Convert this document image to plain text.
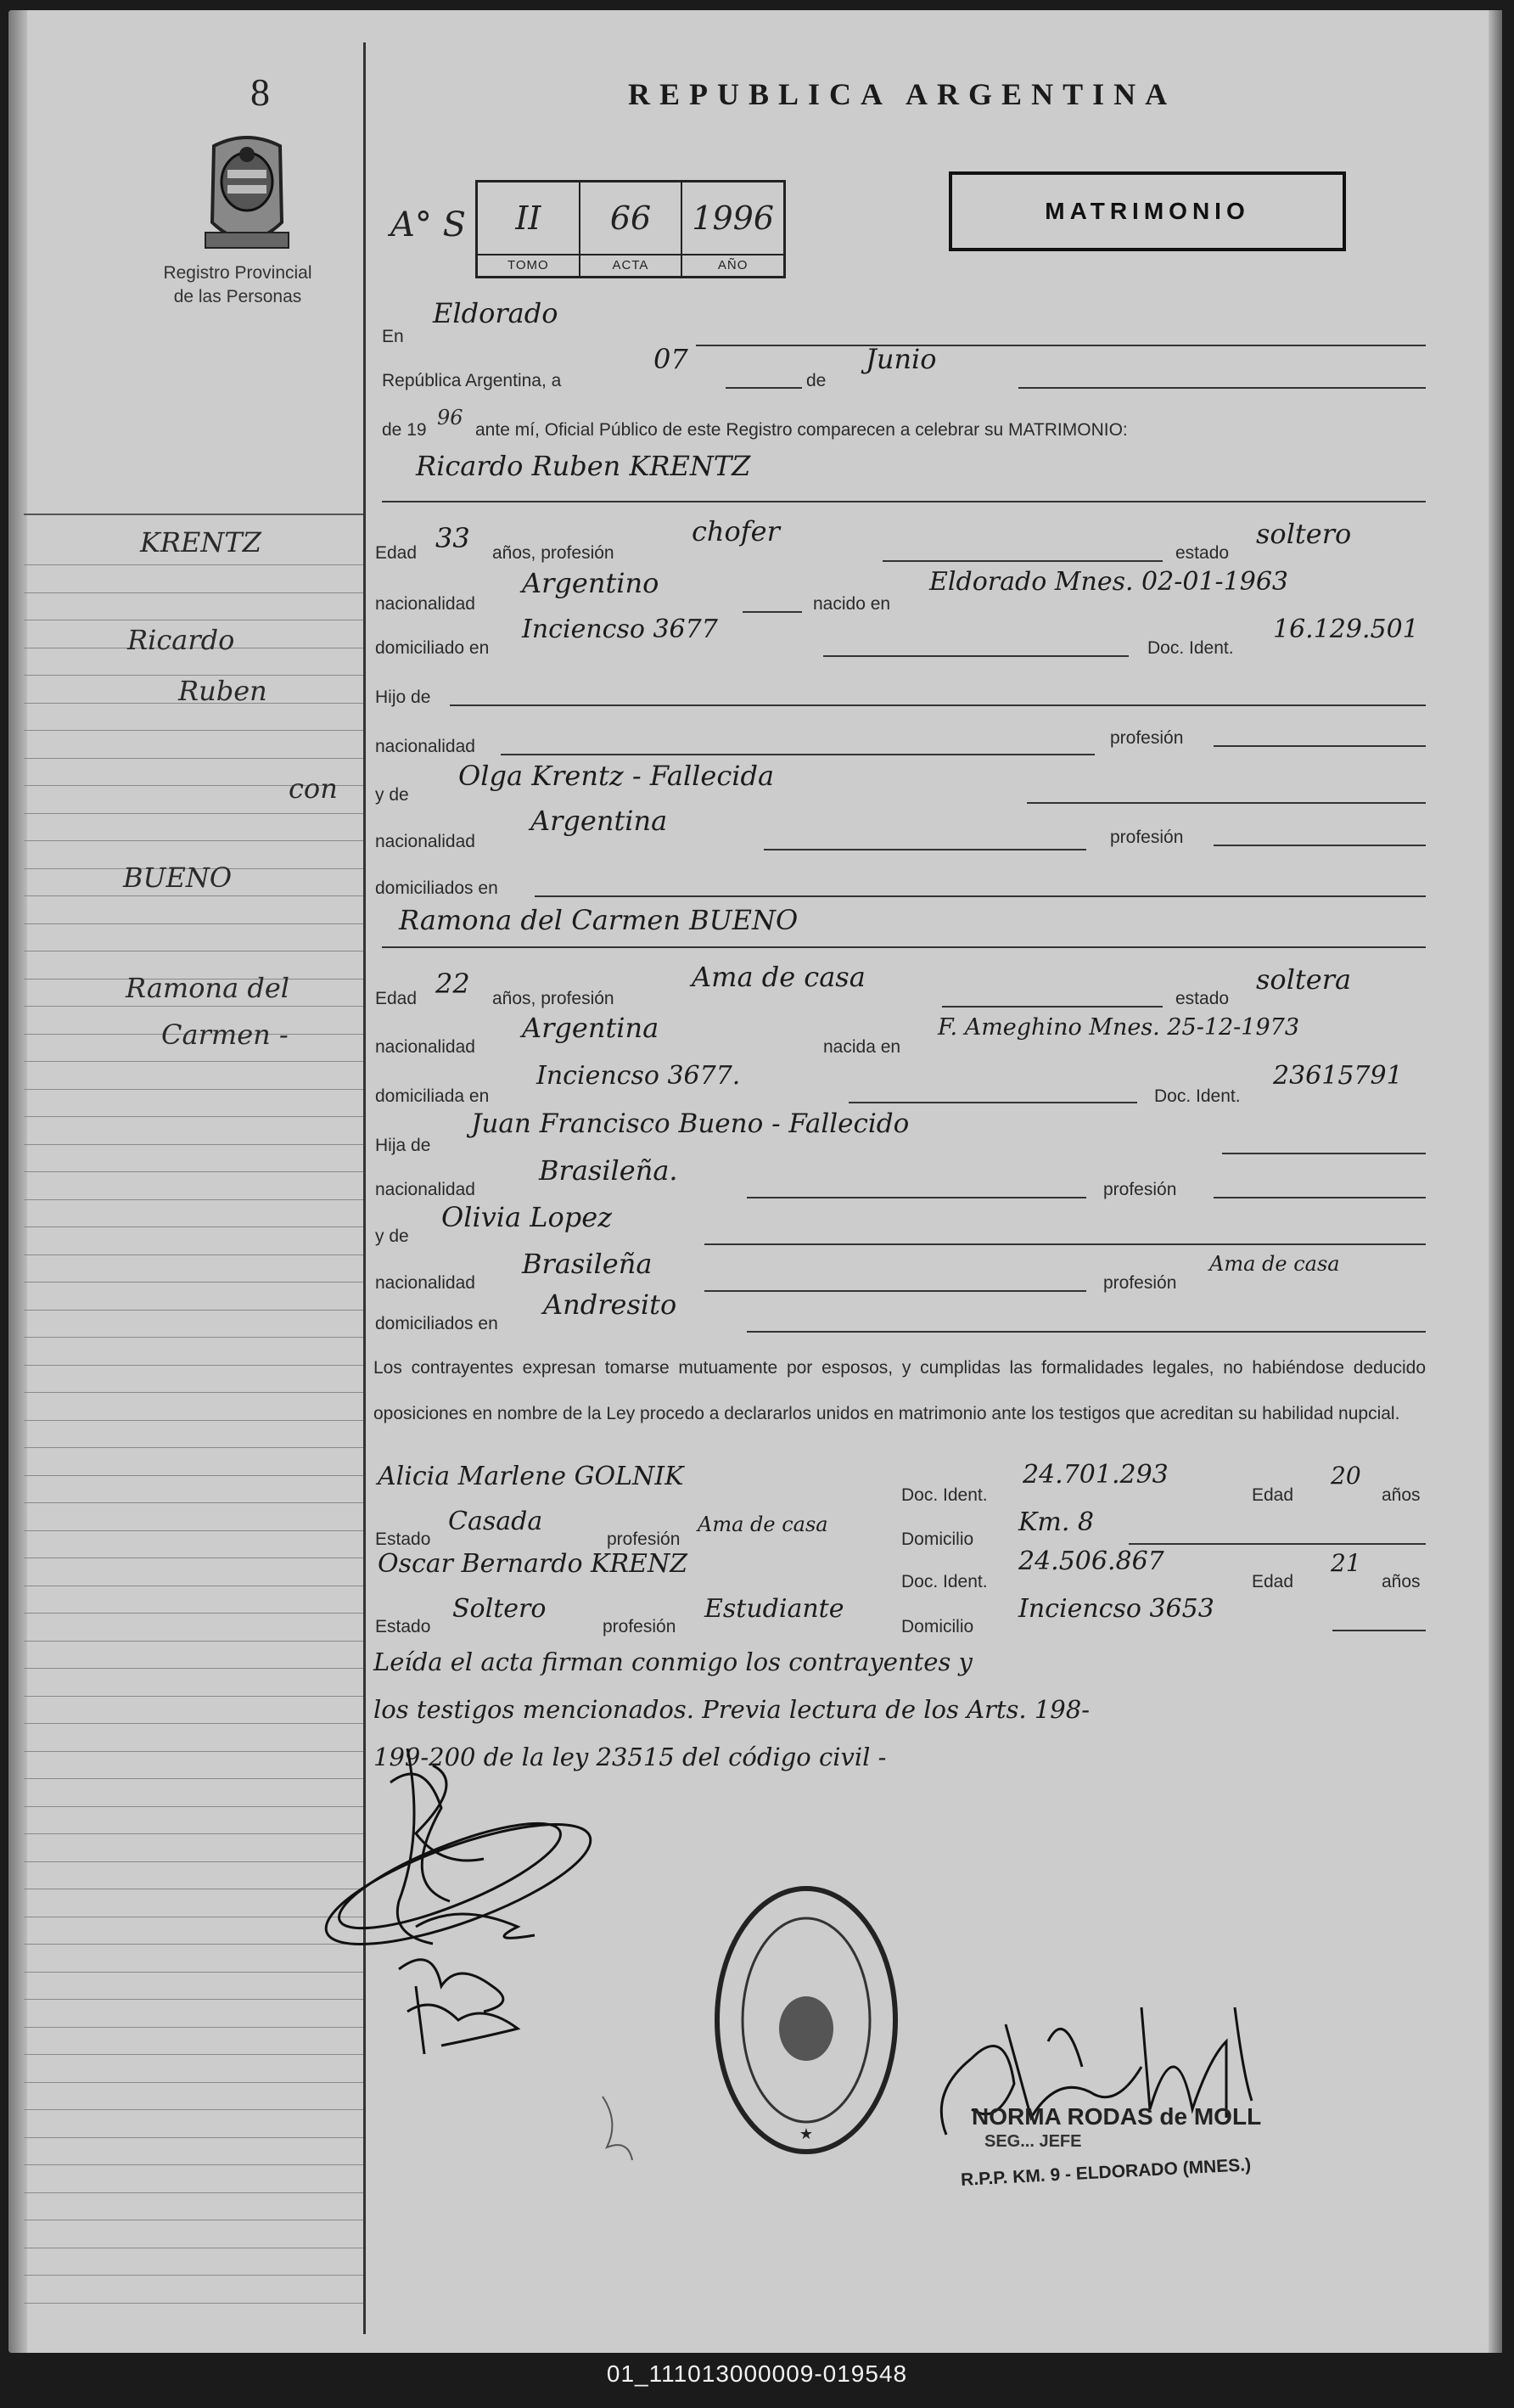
8
Registro Provincial
de las Personas
REPUBLICA ARGENTINA
A° S	II
TOMO
66
ACTA
1996
AÑO
MATRIMONIO
En
Eldorado
República Argentina, a
07
de
Junio
de 19
96
ante mí, Oficial Público de este Registro comparecen a celebrar su MATRIMONIO:
Ricardo Ruben KRENTZ
KRENTZ
Ricardo
Ruben
con
Edad 33 años, profesión
chofer
estado
soltero
nacionalidad
Argentino
nacido en
Eldorado Mnes. 02-01-1963
domiciliado en
Inciencso 3677
Doc. Ident.
16.129.501
Hijo de
nacionalidad	profesión
y de
Olga Krentz - Fallecida
nacionalidad
Argentina
profesión
domiciliados en
BUENO
Ramona del
Carmen -
Ramona del Carmen BUENO
Edad 22 años, profesión
Ama de casa
estado
soltera
nacionalidad
Argentina
nacida en
F. Ameghino Mnes. 25-12-1973
domiciliada en
Inciencso 3677.
Doc. Ident.
23615791
Hija de
Juan Francisco Bueno - Fallecido
nacionalidad
Brasileña.
profesión
y de
Olivia Lopez
nacionalidad
Brasileña
profesión
Ama de casa
domiciliados en
Andresito
Los contrayentes expresan tomarse mutuamente por esposos, y cumplidas las formalidades legales, no habiéndose deducido oposiciones en nombre de la Ley procedo a declararlos unidos en matrimonio ante los testigos que acreditan su habilidad nupcial.
Alicia Marlene GOLNIK
Doc. Ident.
24.701.293
Edad
20
años
Estado
Casada
profesión
Ama de casa
Domicilio
Km. 8
Oscar Bernardo KRENZ
Doc. Ident.
24.506.867
Edad
21
años
Estado
Soltero
profesión
Estudiante
Domicilio
Inciencso 3653
Leída el acta firman conmigo los contrayentes y
los testigos mencionados. Previa lectura de los Arts. 198-
199-200 de la ley 23515 del código civil -
★
NORMA RODAS de MOLL
SEG... JEFE
R.P.P. KM. 9 - ELDORADO (MNES.)
01_111013000009-019548
